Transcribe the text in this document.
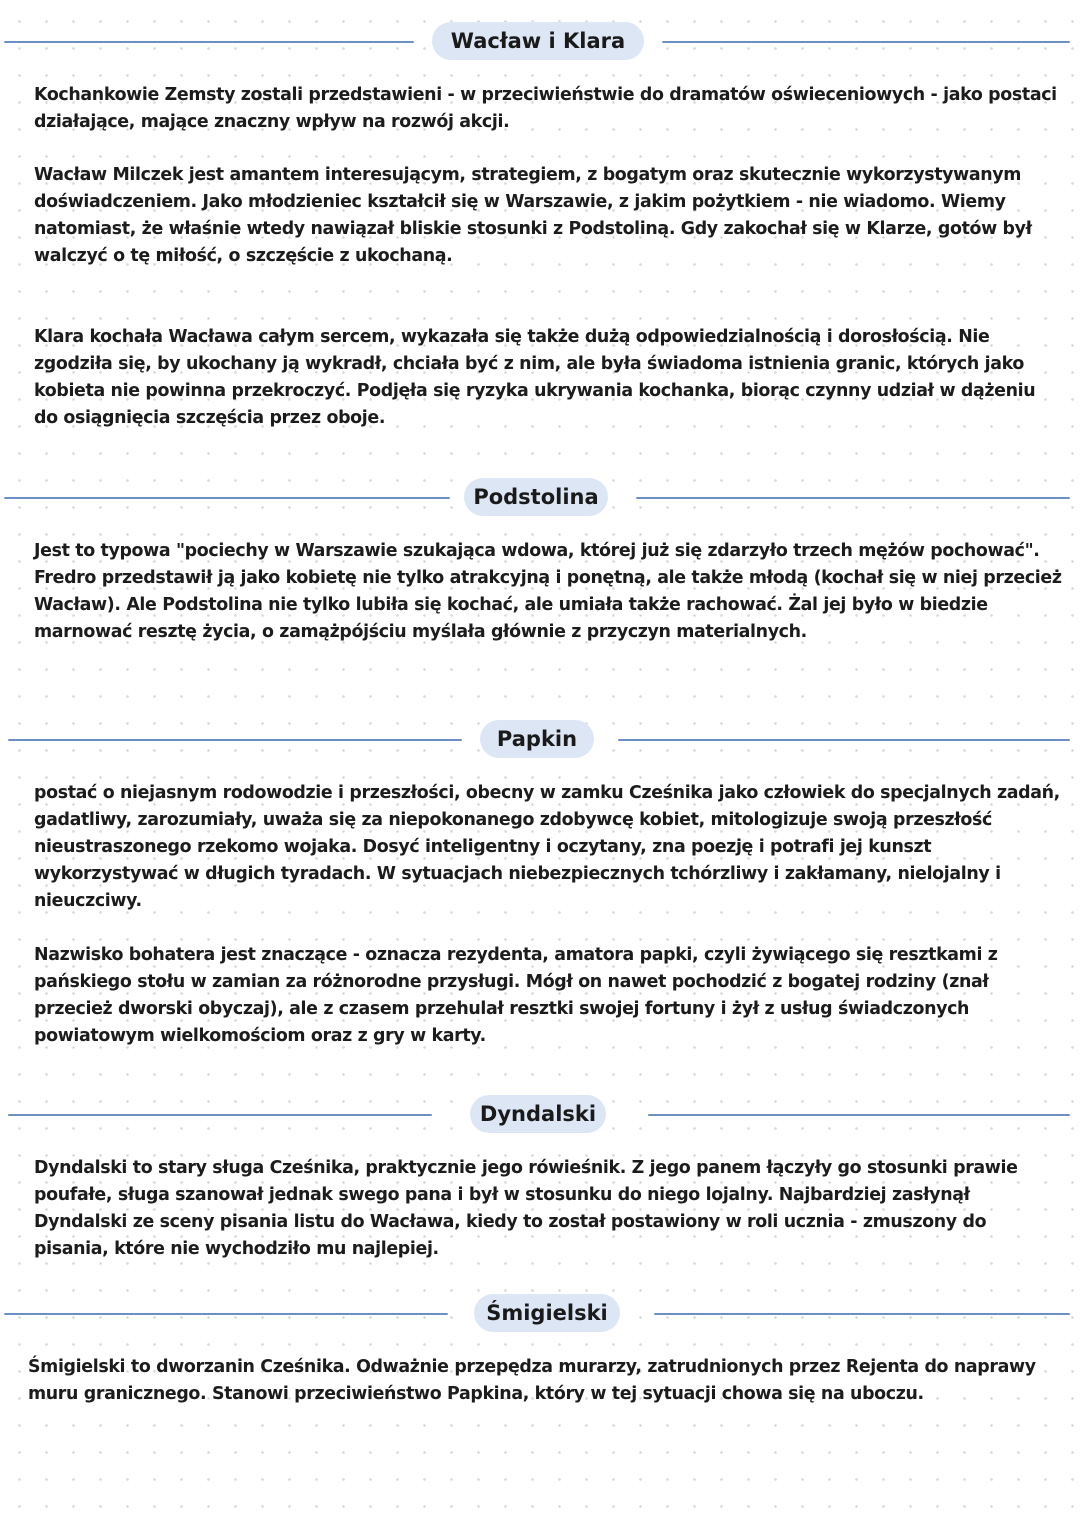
Wacław i Klara

Kochankowie Zemsty zostali przedstawieni - w przeciwieństwie do dramatów oświeceniowych - jako postaci działające, mające znaczny wpływ na rozwój akcji.

Wacław Milczek jest amantem interesującym, strategiem, z bogatym oraz skutecznie wykorzystywanym doświadczeniem. Jako młodzieniec kształcił się w Warszawie, z jakim pożytkiem - nie wiadomo. Wiemy natomiast, że właśnie wtedy nawiązał bliskie stosunki z Podstoliną. Gdy zakochał się w Klarze, gotów był walczyć o tę miłość, o szczęście z ukochaną.

Klara kochała Wacława całym sercem, wykazała się także dużą odpowiedzialnością i dorosłością. Nie zgodziła się, by ukochany ją wykradł, chciała być z nim, ale była świadoma istnienia granic, których jako kobieta nie powinna przekroczyć. Podjęła się ryzyka ukrywania kochanka, biorąc czynny udział w dążeniu do osiągnięcia szczęścia przez oboje.

Podstolina

Jest to typowa "pociechy w Warszawie szukająca wdowa, której już się zdarzyło trzech mężów pochować". Fredro przedstawił ją jako kobietę nie tylko atrakcyjną i ponętną, ale także młodą (kochał się w niej przecież Wacław). Ale Podstolina nie tylko lubiła się kochać, ale umiała także rachować. Żal jej było w biedzie marnować resztę życia, o zamążpójściu myślała głównie z przyczyn materialnych.

Papkin

postać o niejasnym rodowodzie i przeszłości, obecny w zamku Cześnika jako człowiek do specjalnych zadań, gadatliwy, zarozumiały, uważa się za niepokonanego zdobywcę kobiet, mitologizuje swoją przeszłość nieustraszonego rzekomo wojaka. Dosyć inteligentny i oczytany, zna poezję i potrafi jej kunszt wykorzystywać w długich tyradach. W sytuacjach niebezpiecznych tchórzliwy i zakłamany, nielojalny i nieuczciwy.

Nazwisko bohatera jest znaczące - oznacza rezydenta, amatora papki, czyli żywiącego się resztkami z pańskiego stołu w zamian za różnorodne przysługi. Mógł on nawet pochodzić z bogatej rodziny (znał przecież dworski obyczaj), ale z czasem przehulał resztki swojej fortuny i żył z usług świadczonych powiatowym wielkomościom oraz z gry w karty.

Dyndalski

Dyndalski to stary sługa Cześnika, praktycznie jego rówieśnik. Z jego panem łączyły go stosunki prawie poufałe, sługa szanował jednak swego pana i był w stosunku do niego lojalny. Najbardziej zasłynął Dyndalski ze sceny pisania listu do Wacława, kiedy to został postawiony w roli ucznia - zmuszony do pisania, które nie wychodziło mu najlepiej.

Śmigielski

Śmigielski to dworzanin Cześnika. Odważnie przepędza murarzy, zatrudnionych przez Rejenta do naprawy muru granicznego. Stanowi przeciwieństwo Papkina, który w tej sytuacji chowa się na uboczu.
